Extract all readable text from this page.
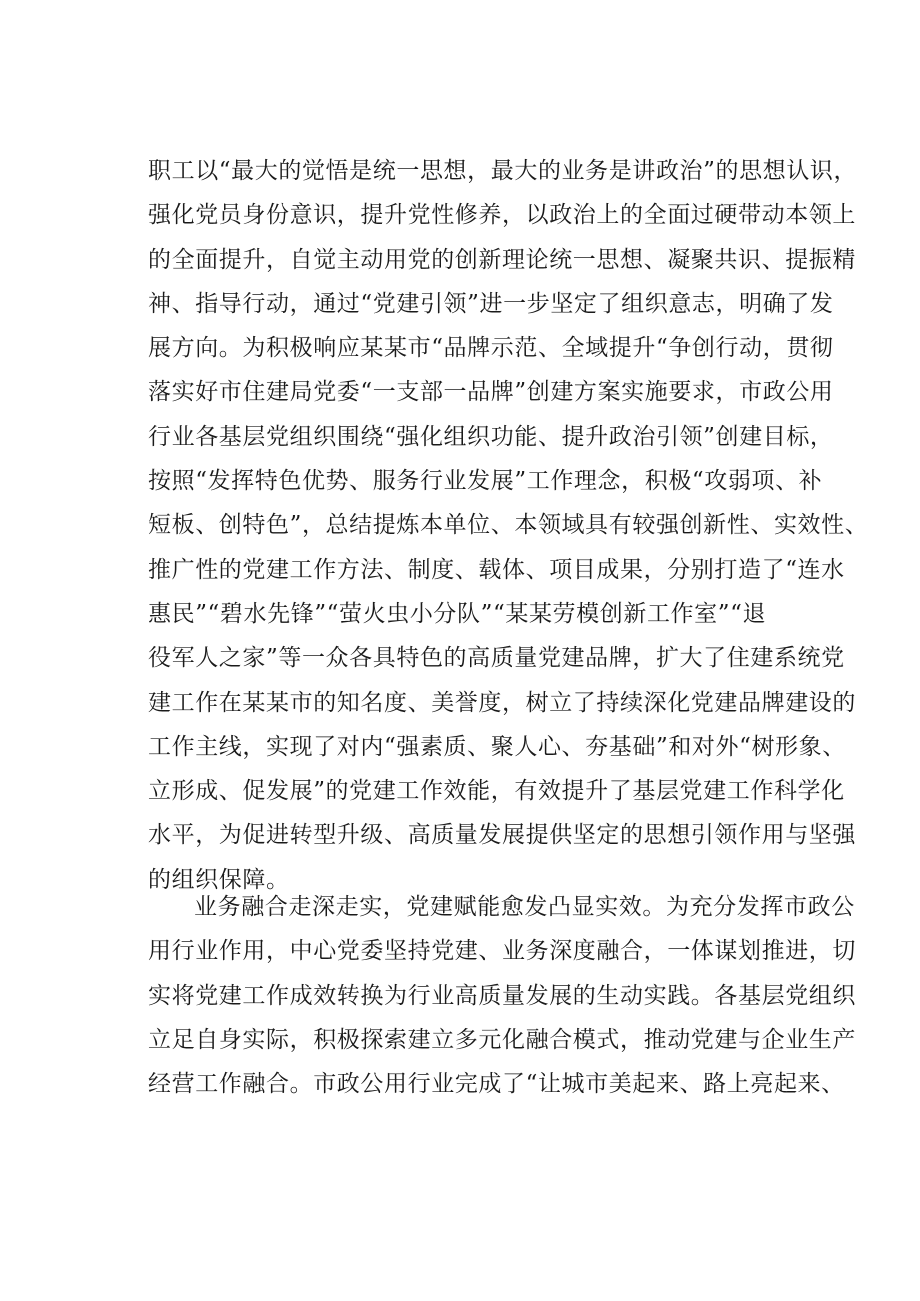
职工以“最大的觉悟是统一思想，最大的业务是讲政治”的思想认识，
强化党员身份意识，提升党性修养，以政治上的全面过硬带动本领上
的全面提升，自觉主动用党的创新理论统一思想、凝聚共识、提振精
神、指导行动，通过“党建引领”进一步坚定了组织意志，明确了发
展方向。为积极响应某某市“品牌示范、全域提升“争创行动，贯彻
落实好市住建局党委“一支部一品牌”创建方案实施要求，市政公用
行业各基层党组织围绕“强化组织功能、提升政治引领”创建目标，
按照“发挥特色优势、服务行业发展”工作理念，积极“攻弱项、补
短板、创特色”，总结提炼本单位、本领域具有较强创新性、实效性、
推广性的党建工作方法、制度、载体、项目成果，分别打造了“连水
惠民”“碧水先锋”“萤火虫小分队”“某某劳模创新工作室”“退
役军人之家”等一众各具特色的高质量党建品牌，扩大了住建系统党
建工作在某某市的知名度、美誉度，树立了持续深化党建品牌建设的
工作主线，实现了对内“强素质、聚人心、夯基础”和对外“树形象、
立形成、促发展”的党建工作效能，有效提升了基层党建工作科学化
水平，为促进转型升级、高质量发展提供坚定的思想引领作用与坚强
的组织保障。
业务融合走深走实，党建赋能愈发凸显实效。为充分发挥市政公
用行业作用，中心党委坚持党建、业务深度融合，一体谋划推进，切
实将党建工作成效转换为行业高质量发展的生动实践。各基层党组织
立足自身实际，积极探索建立多元化融合模式，推动党建与企业生产
经营工作融合。市政公用行业完成了“让城市美起来、路上亮起来、
